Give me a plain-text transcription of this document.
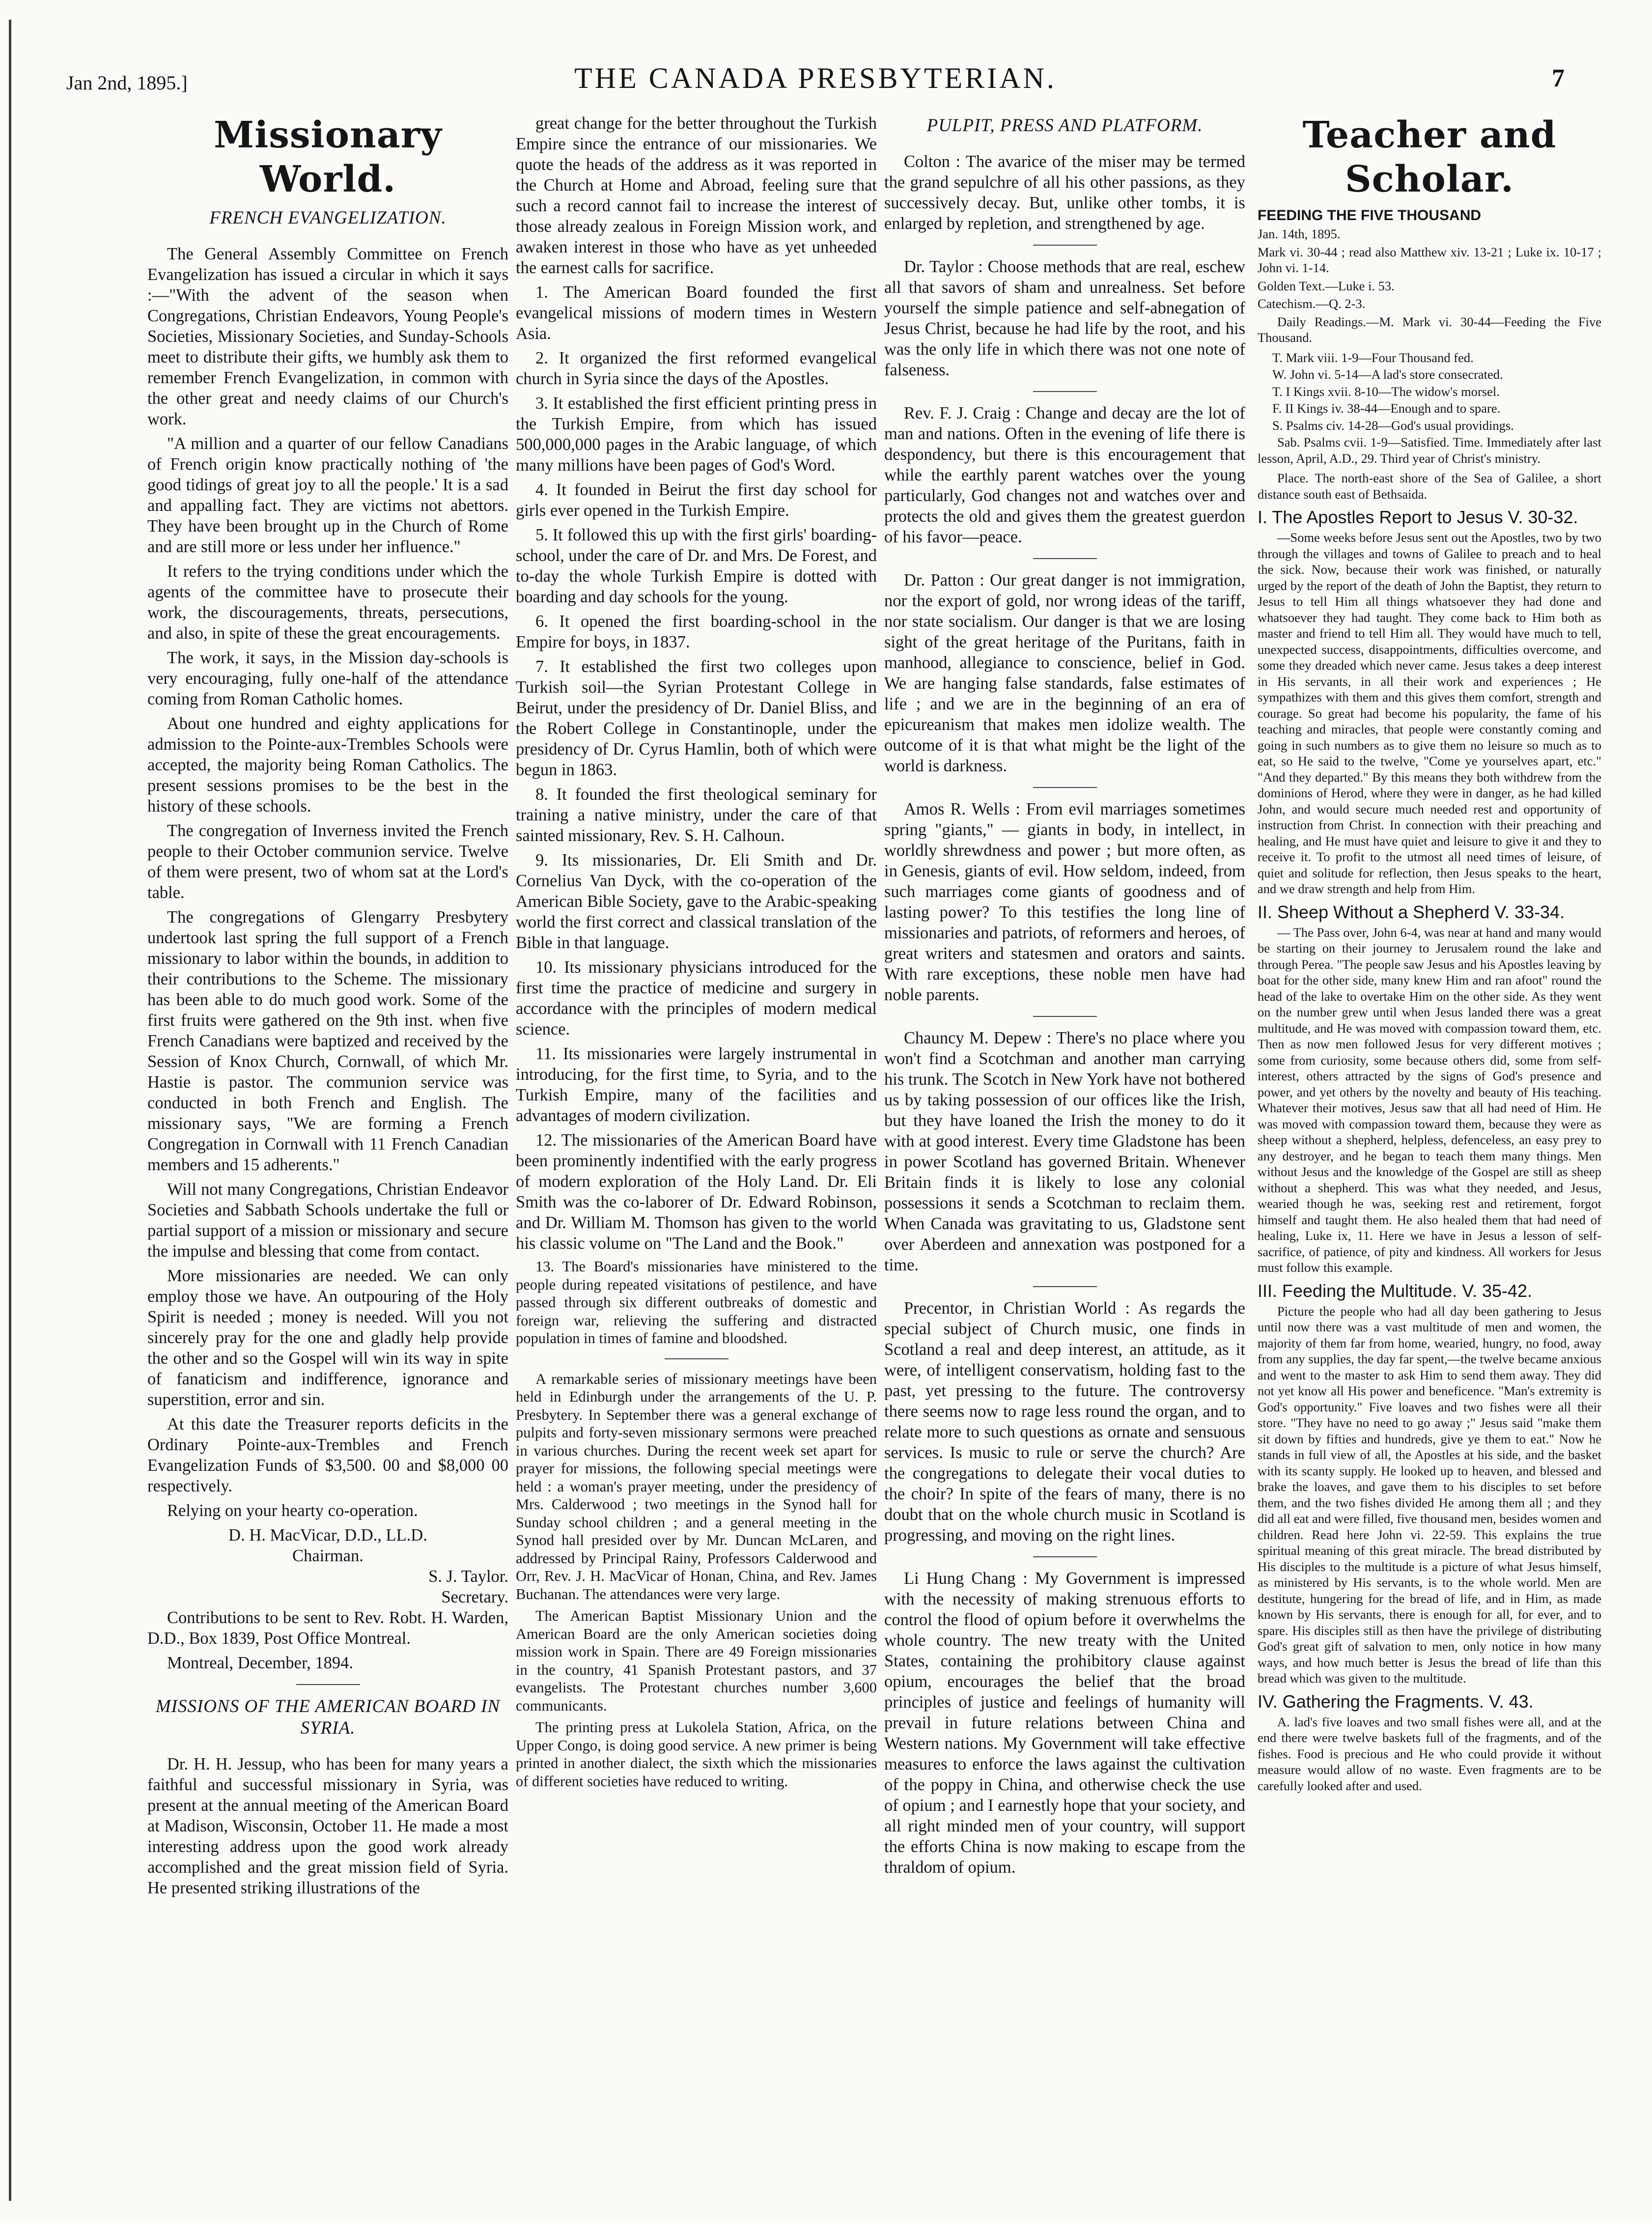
Jan 2nd, 1895.]	THE CANADA PRESBYTERIAN.	7
Missionary World.
FRENCH EVANGELIZATION.

The General Assembly Committee on French Evangelization has issued a circular in which it says :—"With the advent of the season when Congregations, Christian Endeavors, Young People's Societies, Missionary Societies, and Sunday-Schools meet to distribute their gifts, we humbly ask them to remember French Evangelization, in common with the other great and needy claims of our Church's work.

"A million and a quarter of our fellow Canadians of French origin know practically nothing of 'the good tidings of great joy to all the people.' It is a sad and appalling fact. They are victims not abettors. They have been brought up in the Church of Rome and are still more or less under her influence."

It refers to the trying conditions under which the agents of the committee have to prosecute their work, the discouragements, threats, persecutions, and also, in spite of these the great encouragements.

The work, it says, in the Mission day-schools is very encouraging, fully one-half of the attendance coming from Roman Catholic homes.

About one hundred and eighty applications for admission to the Pointe-aux-Trembles Schools were accepted, the majority being Roman Catholics. The present sessions promises to be the best in the history of these schools.

The congregation of Inverness invited the French people to their October communion service. Twelve of them were present, two of whom sat at the Lord's table.

The congregations of Glengarry Presbytery undertook last spring the full support of a French missionary to labor within the bounds, in addition to their contributions to the Scheme. The missionary has been able to do much good work. Some of the first fruits were gathered on the 9th inst. when five French Canadians were baptized and received by the Session of Knox Church, Cornwall, of which Mr. Hastie is pastor. The communion service was conducted in both French and English. The missionary says, "We are forming a French Congregation in Cornwall with 11 French Canadian members and 15 adherents."

Will not many Congregations, Christian Endeavor Societies and Sabbath Schools undertake the full or partial support of a mission or missionary and secure the impulse and blessing that come from contact.

More missionaries are needed. We can only employ those we have. An outpouring of the Holy Spirit is needed ; money is needed. Will you not sincerely pray for the one and gladly help provide the other and so the Gospel will win its way in spite of fanaticism and indifference, ignorance and superstition, error and sin.

At this date the Treasurer reports deficits in the Ordinary Pointe-aux-Trembles and French Evangelization Funds of $3,500. 00 and $8,000 00 respectively.

Relying on your hearty co-operation.

D. H. MacVicar, D.D., LL.D.

Chairman.

S. J. Taylor.

Secretary.

Contributions to be sent to Rev. Robt. H. Warden, D.D., Box 1839, Post Office Montreal.

Montreal, December, 1894.

MISSIONS OF THE AMERICAN BOARD IN SYRIA.

Dr. H. H. Jessup, who has been for many years a faithful and successful missionary in Syria, was present at the annual meeting of the American Board at Madison, Wisconsin, October 11. He made a most interesting address upon the good work already accomplished and the great mission field of Syria. He presented striking illustrations of the

great change for the better throughout the Turkish Empire since the entrance of our missionaries. We quote the heads of the address as it was reported in the Church at Home and Abroad, feeling sure that such a record cannot fail to increase the interest of those already zealous in Foreign Mission work, and awaken interest in those who have as yet unheeded the earnest calls for sacrifice.

1. The American Board founded the first evangelical missions of modern times in Western Asia.

2. It organized the first reformed evangelical church in Syria since the days of the Apostles.

3. It established the first efficient printing press in the Turkish Empire, from which has issued 500,000,000 pages in the Arabic language, of which many millions have been pages of God's Word.

4. It founded in Beirut the first day school for girls ever opened in the Turkish Empire.

5. It followed this up with the first girls' boarding-school, under the care of Dr. and Mrs. De Forest, and to-day the whole Turkish Empire is dotted with boarding and day schools for the young.

6. It opened the first boarding-school in the Empire for boys, in 1837.

7. It established the first two colleges upon Turkish soil—the Syrian Protestant College in Beirut, under the presidency of Dr. Daniel Bliss, and the Robert College in Constantinople, under the presidency of Dr. Cyrus Hamlin, both of which were begun in 1863.

8. It founded the first theological seminary for training a native ministry, under the care of that sainted missionary, Rev. S. H. Calhoun.

9. Its missionaries, Dr. Eli Smith and Dr. Cornelius Van Dyck, with the co-operation of the American Bible Society, gave to the Arabic-speaking world the first correct and classical translation of the Bible in that language.

10. Its missionary physicians introduced for the first time the practice of medicine and surgery in accordance with the principles of modern medical science.

11. Its missionaries were largely instrumental in introducing, for the first time, to Syria, and to the Turkish Empire, many of the facilities and advantages of modern civilization.

12. The missionaries of the American Board have been prominently indentified with the early progress of modern exploration of the Holy Land. Dr. Eli Smith was the co-laborer of Dr. Edward Robinson, and Dr. William M. Thomson has given to the world his classic volume on "The Land and the Book."

13. The Board's missionaries have ministered to the people during repeated visitations of pestilence, and have passed through six different outbreaks of domestic and foreign war, relieving the suffering and distracted population in times of famine and bloodshed.

A remarkable series of missionary meetings have been held in Edinburgh under the arrangements of the U. P. Presbytery. In September there was a general exchange of pulpits and forty-seven missionary sermons were preached in various churches. During the recent week set apart for prayer for missions, the following special meetings were held : a woman's prayer meeting, under the presidency of Mrs. Calderwood ; two meetings in the Synod hall for Sunday school children ; and a general meeting in the Synod hall presided over by Mr. Duncan McLaren, and addressed by Principal Rainy, Professors Calderwood and Orr, Rev. J. H. MacVicar of Honan, China, and Rev. James Buchanan. The attendances were very large.

The American Baptist Missionary Union and the American Board are the only American societies doing mission work in Spain. There are 49 Foreign missionaries in the country, 41 Spanish Protestant pastors, and 37 evangelists. The Protestant churches number 3,600 communicants.

The printing press at Lukolela Station, Africa, on the Upper Congo, is doing good service. A new primer is being printed in another dialect, the sixth which the missionaries of different societies have reduced to writing.

PULPIT, PRESS AND PLATFORM.

Colton : The avarice of the miser may be termed the grand sepulchre of all his other passions, as they successively decay. But, unlike other tombs, it is enlarged by repletion, and strengthened by age.

Dr. Taylor : Choose methods that are real, eschew all that savors of sham and unrealness. Set before yourself the simple patience and self-abnegation of Jesus Christ, because he had life by the root, and his was the only life in which there was not one note of falseness.

Rev. F. J. Craig : Change and decay are the lot of man and nations. Often in the evening of life there is despondency, but there is this encouragement that while the earthly parent watches over the young particularly, God changes not and watches over and protects the old and gives them the greatest guerdon of his favor—peace.

Dr. Patton : Our great danger is not immigration, nor the export of gold, nor wrong ideas of the tariff, nor state socialism. Our danger is that we are losing sight of the great heritage of the Puritans, faith in manhood, allegiance to conscience, belief in God. We are hanging false standards, false estimates of life ; and we are in the beginning of an era of epicureanism that makes men idolize wealth. The outcome of it is that what might be the light of the world is darkness.

Amos R. Wells : From evil marriages sometimes spring "giants," — giants in body, in intellect, in worldly shrewdness and power ; but more often, as in Genesis, giants of evil. How seldom, indeed, from such marriages come giants of goodness and of lasting power? To this testifies the long line of missionaries and patriots, of reformers and heroes, of great writers and statesmen and orators and saints. With rare exceptions, these noble men have had noble parents.

Chauncy M. Depew : There's no place where you won't find a Scotchman and another man carrying his trunk. The Scotch in New York have not bothered us by taking possession of our offices like the Irish, but they have loaned the Irish the money to do it with at good interest. Every time Gladstone has been in power Scotland has governed Britain. Whenever Britain finds it is likely to lose any colonial possessions it sends a Scotchman to reclaim them. When Canada was gravitating to us, Gladstone sent over Aberdeen and annexation was postponed for a time.

Precentor, in Christian World : As regards the special subject of Church music, one finds in Scotland a real and deep interest, an attitude, as it were, of intelligent conservatism, holding fast to the past, yet pressing to the future. The controversy there seems now to rage less round the organ, and to relate more to such questions as ornate and sensuous services. Is music to rule or serve the church? Are the congregations to delegate their vocal duties to the choir? In spite of the fears of many, there is no doubt that on the whole church music in Scotland is progressing, and moving on the right lines.

Li Hung Chang : My Government is impressed with the necessity of making strenuous efforts to control the flood of opium before it overwhelms the whole country. The new treaty with the United States, containing the prohibitory clause against opium, encourages the belief that the broad principles of justice and feelings of humanity will prevail in future relations between China and Western nations. My Government will take effective measures to enforce the laws against the cultivation of the poppy in China, and otherwise check the use of opium ; and I earnestly hope that your society, and all right minded men of your country, will support the efforts China is now making to escape from the thraldom of opium.

Teacher and Scholar.
FEEDING THE FIVE THOUSAND

Jan. 14th, 1895.

Mark vi. 30-44 ; read also Matthew xiv. 13-21 ; Luke ix. 10-17 ; John vi. 1-14.

Golden Text.—Luke i. 53.

Catechism.—Q. 2-3.

Daily Readings.—M. Mark vi. 30-44—Feeding the Five Thousand.

T. Mark viii. 1-9—Four Thousand fed.

W. John vi. 5-14—A lad's store consecrated.

T. I Kings xvii. 8-10—The widow's morsel.

F. II Kings iv. 38-44—Enough and to spare.

S. Psalms civ. 14-28—God's usual providings.

Sab. Psalms cvii. 1-9—Satisfied. Time. Immediately after last lesson, April, A.D., 29. Third year of Christ's ministry.

Place. The north-east shore of the Sea of Galilee, a short distance south east of Bethsaida.

I. The Apostles Report to Jesus V. 30-32.

—Some weeks before Jesus sent out the Apostles, two by two through the villages and towns of Galilee to preach and to heal the sick. Now, because their work was finished, or naturally urged by the report of the death of John the Baptist, they return to Jesus to tell Him all things whatsoever they had done and whatsoever they had taught. They come back to Him both as master and friend to tell Him all. They would have much to tell, unexpected success, disappointments, difficulties overcome, and some they dreaded which never came. Jesus takes a deep interest in His servants, in all their work and experiences ; He sympathizes with them and this gives them comfort, strength and courage. So great had become his popularity, the fame of his teaching and miracles, that people were constantly coming and going in such numbers as to give them no leisure so much as to eat, so He said to the twelve, "Come ye yourselves apart, etc." "And they departed." By this means they both withdrew from the dominions of Herod, where they were in danger, as he had killed John, and would secure much needed rest and opportunity of instruction from Christ. In connection with their preaching and healing, and He must have quiet and leisure to give it and they to receive it. To profit to the utmost all need times of leisure, of quiet and solitude for reflection, then Jesus speaks to the heart, and we draw strength and help from Him.

II. Sheep Without a Shepherd V. 33-34.

— The Pass over, John 6-4, was near at hand and many would be starting on their journey to Jerusalem round the lake and through Perea. "The people saw Jesus and his Apostles leaving by boat for the other side, many knew Him and ran afoot" round the head of the lake to overtake Him on the other side. As they went on the number grew until when Jesus landed there was a great multitude, and He was moved with compassion toward them, etc. Then as now men followed Jesus for very different motives ; some from curiosity, some because others did, some from self-interest, others attracted by the signs of God's presence and power, and yet others by the novelty and beauty of His teaching. Whatever their motives, Jesus saw that all had need of Him. He was moved with compassion toward them, because they were as sheep without a shepherd, helpless, defenceless, an easy prey to any destroyer, and he began to teach them many things. Men without Jesus and the knowledge of the Gospel are still as sheep without a shepherd. This was what they needed, and Jesus, wearied though he was, seeking rest and retirement, forgot himself and taught them. He also healed them that had need of healing, Luke ix, 11. Here we have in Jesus a lesson of self-sacrifice, of patience, of pity and kindness. All workers for Jesus must follow this example.

III. Feeding the Multitude. V. 35-42.

Picture the people who had all day been gathering to Jesus until now there was a vast multitude of men and women, the majority of them far from home, wearied, hungry, no food, away from any supplies, the day far spent,—the twelve became anxious and went to the master to ask Him to send them away. They did not yet know all His power and beneficence. "Man's extremity is God's opportunity." Five loaves and two fishes were all their store. "They have no need to go away ;" Jesus said "make them sit down by fifties and hundreds, give ye them to eat." Now he stands in full view of all, the Apostles at his side, and the basket with its scanty supply. He looked up to heaven, and blessed and brake the loaves, and gave them to his disciples to set before them, and the two fishes divided He among them all ; and they did all eat and were filled, five thousand men, besides women and children. Read here John vi. 22-59. This explains the true spiritual meaning of this great miracle. The bread distributed by His disciples to the multitude is a picture of what Jesus himself, as ministered by His servants, is to the whole world. Men are destitute, hungering for the bread of life, and in Him, as made known by His servants, there is enough for all, for ever, and to spare. His disciples still as then have the privilege of distributing God's great gift of salvation to men, only notice in how many ways, and how much better is Jesus the bread of life than this bread which was given to the multitude.

IV. Gathering the Fragments. V. 43.

A. lad's five loaves and two small fishes were all, and at the end there were twelve baskets full of the fragments, and of the fishes. Food is precious and He who could provide it without measure would allow of no waste. Even fragments are to be carefully looked after and used.
